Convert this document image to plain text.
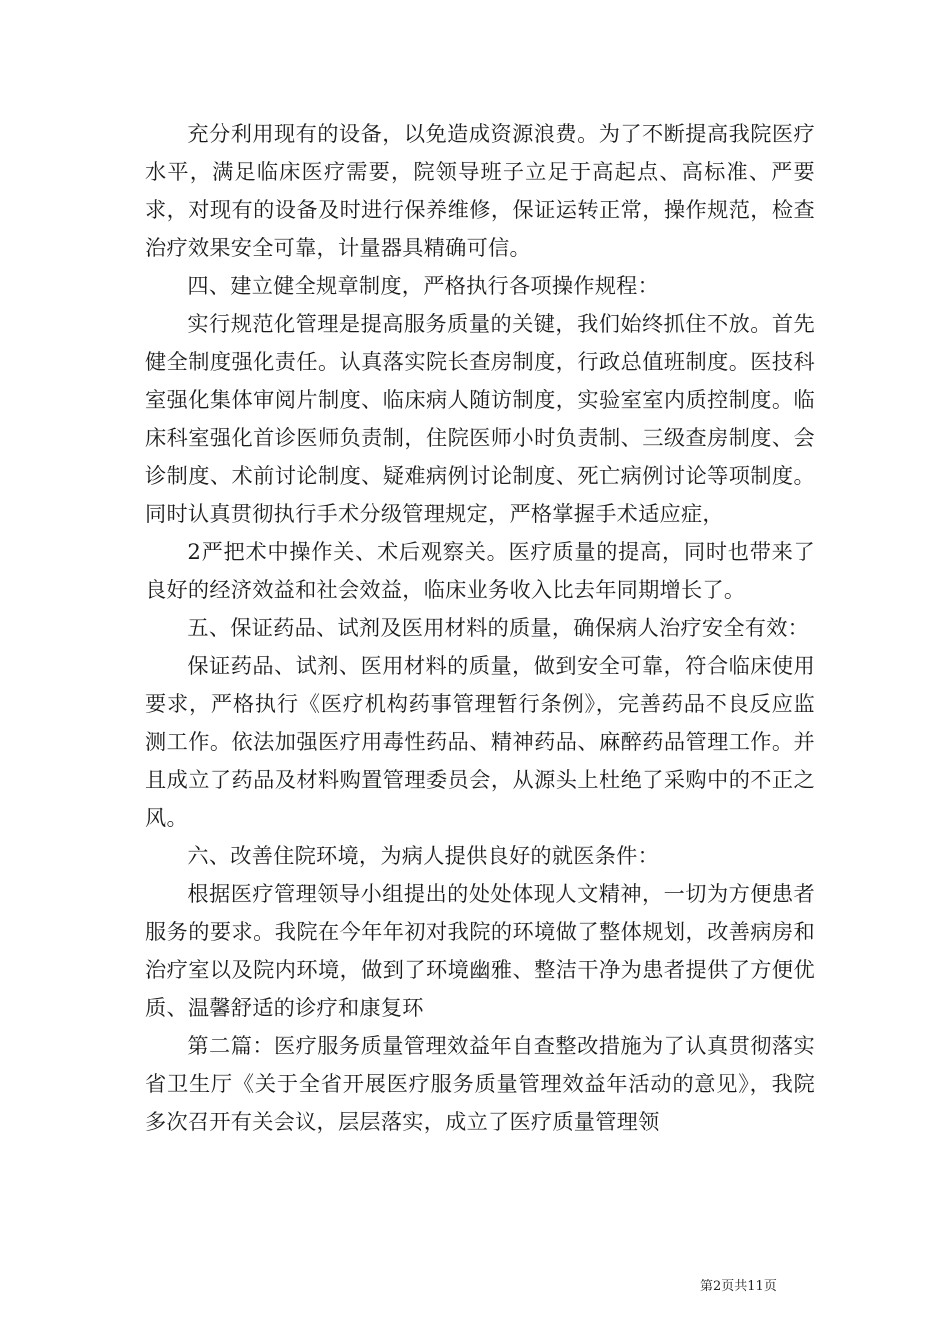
充分利用现有的设备，以免造成资源浪费。为了不断提高我院医疗水平，满足临床医疗需要，院领导班子立足于高起点、高标准、严要求，对现有的设备及时进行保养维修，保证运转正常，操作规范，检查治疗效果安全可靠，计量器具精确可信。

四、建立健全规章制度，严格执行各项操作规程：

实行规范化管理是提高服务质量的关键，我们始终抓住不放。首先健全制度强化责任。认真落实院长查房制度，行政总值班制度。医技科室强化集体审阅片制度、临床病人随访制度，实验室室内质控制度。临床科室强化首诊医师负责制，住院医师小时负责制、三级查房制度、会诊制度、术前讨论制度、疑难病例讨论制度、死亡病例讨论等项制度。同时认真贯彻执行手术分级管理规定，严格掌握手术适应症，

2严把术中操作关、术后观察关。医疗质量的提高，同时也带来了良好的经济效益和社会效益，临床业务收入比去年同期增长了。

五、保证药品、试剂及医用材料的质量，确保病人治疗安全有效：

保证药品、试剂、医用材料的质量，做到安全可靠，符合临床使用要求，严格执行《医疗机构药事管理暂行条例》，完善药品不良反应监测工作。依法加强医疗用毒性药品、精神药品、麻醉药品管理工作。并且成立了药品及材料购置管理委员会，从源头上杜绝了采购中的不正之风。

六、改善住院环境，为病人提供良好的就医条件：

根据医疗管理领导小组提出的处处体现人文精神，一切为方便患者服务的要求。我院在今年年初对我院的环境做了整体规划，改善病房和治疗室以及院内环境，做到了环境幽雅、整洁干净为患者提供了方便优质、温馨舒适的诊疗和康复环

第二篇：医疗服务质量管理效益年自查整改措施为了认真贯彻落实省卫生厅《关于全省开展医疗服务质量管理效益年活动的意见》，我院多次召开有关会议，层层落实，成立了医疗质量管理领

第2页共11页
